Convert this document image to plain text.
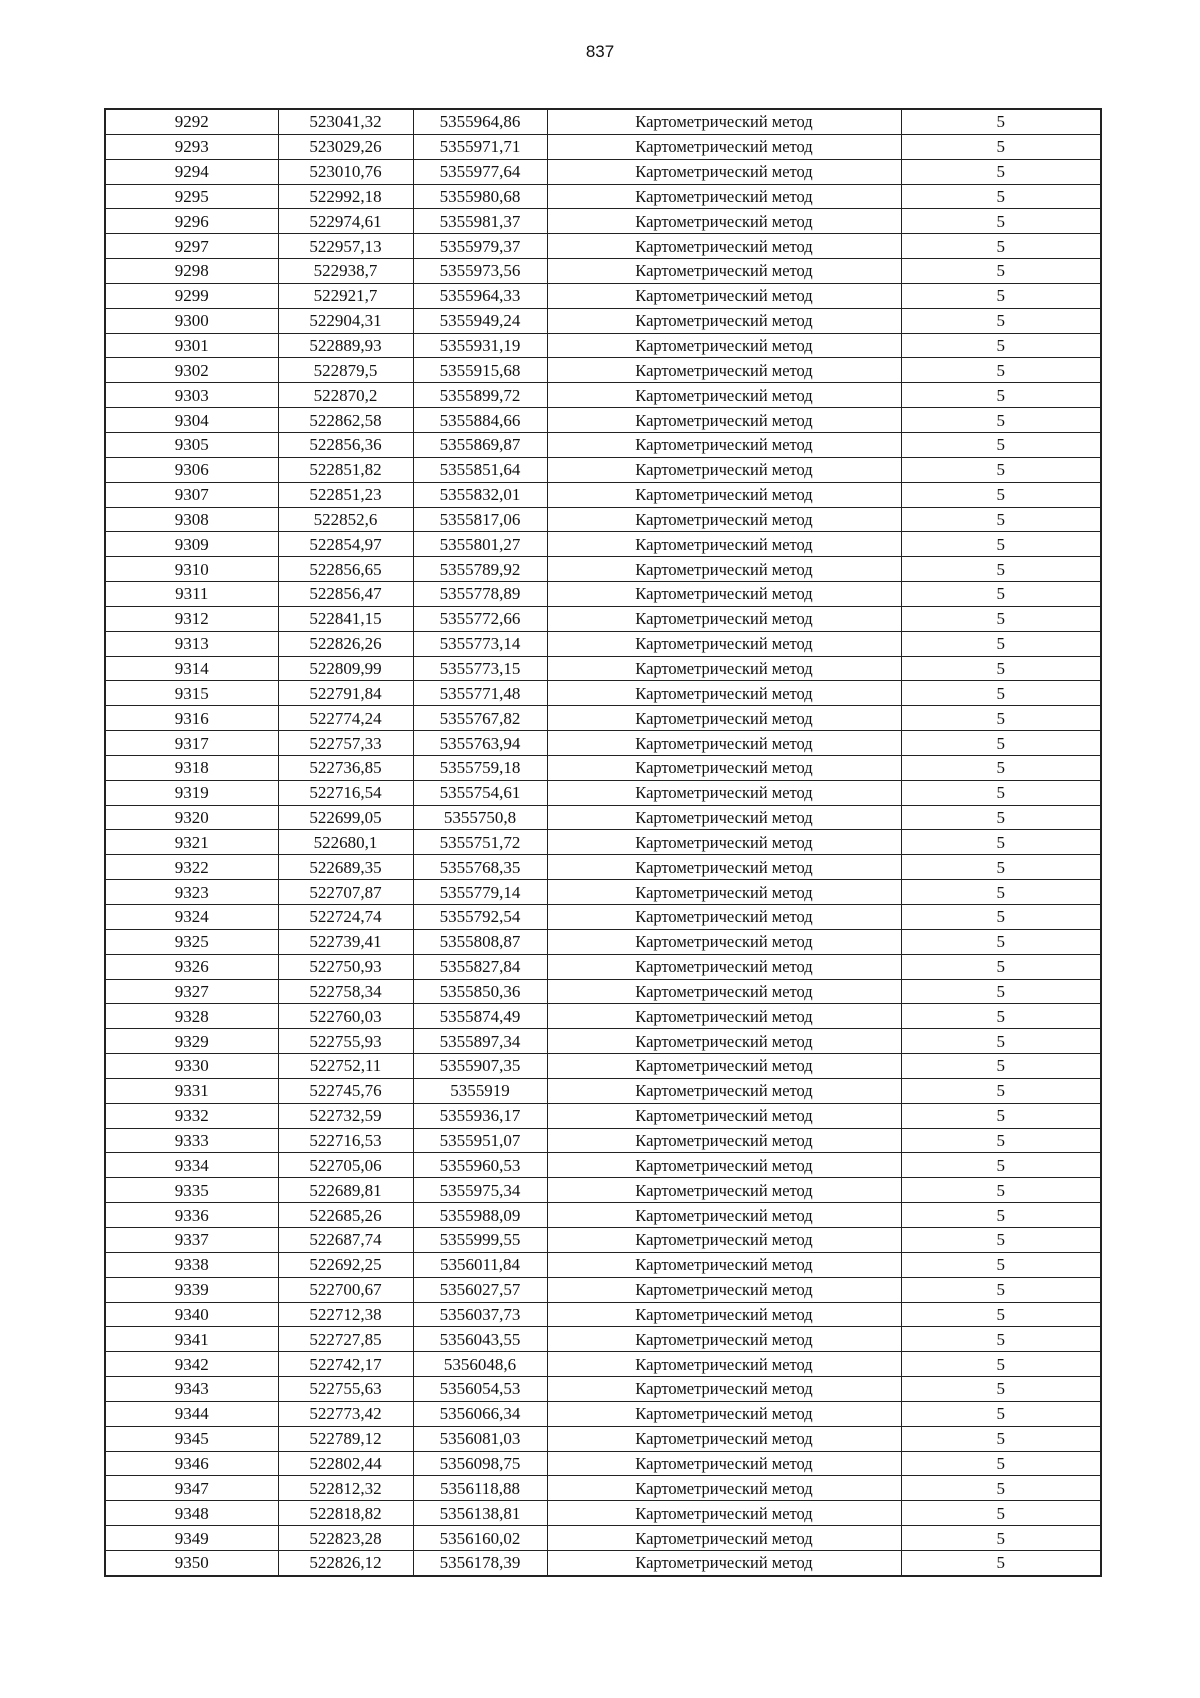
837
9292	523041,32	5355964,86	Картометрический метод	5
9293	523029,26	5355971,71	Картометрический метод	5
9294	523010,76	5355977,64	Картометрический метод	5
9295	522992,18	5355980,68	Картометрический метод	5
9296	522974,61	5355981,37	Картометрический метод	5
9297	522957,13	5355979,37	Картометрический метод	5
9298	522938,7	5355973,56	Картометрический метод	5
9299	522921,7	5355964,33	Картометрический метод	5
9300	522904,31	5355949,24	Картометрический метод	5
9301	522889,93	5355931,19	Картометрический метод	5
9302	522879,5	5355915,68	Картометрический метод	5
9303	522870,2	5355899,72	Картометрический метод	5
9304	522862,58	5355884,66	Картометрический метод	5
9305	522856,36	5355869,87	Картометрический метод	5
9306	522851,82	5355851,64	Картометрический метод	5
9307	522851,23	5355832,01	Картометрический метод	5
9308	522852,6	5355817,06	Картометрический метод	5
9309	522854,97	5355801,27	Картометрический метод	5
9310	522856,65	5355789,92	Картометрический метод	5
9311	522856,47	5355778,89	Картометрический метод	5
9312	522841,15	5355772,66	Картометрический метод	5
9313	522826,26	5355773,14	Картометрический метод	5
9314	522809,99	5355773,15	Картометрический метод	5
9315	522791,84	5355771,48	Картометрический метод	5
9316	522774,24	5355767,82	Картометрический метод	5
9317	522757,33	5355763,94	Картометрический метод	5
9318	522736,85	5355759,18	Картометрический метод	5
9319	522716,54	5355754,61	Картометрический метод	5
9320	522699,05	5355750,8	Картометрический метод	5
9321	522680,1	5355751,72	Картометрический метод	5
9322	522689,35	5355768,35	Картометрический метод	5
9323	522707,87	5355779,14	Картометрический метод	5
9324	522724,74	5355792,54	Картометрический метод	5
9325	522739,41	5355808,87	Картометрический метод	5
9326	522750,93	5355827,84	Картометрический метод	5
9327	522758,34	5355850,36	Картометрический метод	5
9328	522760,03	5355874,49	Картометрический метод	5
9329	522755,93	5355897,34	Картометрический метод	5
9330	522752,11	5355907,35	Картометрический метод	5
9331	522745,76	5355919	Картометрический метод	5
9332	522732,59	5355936,17	Картометрический метод	5
9333	522716,53	5355951,07	Картометрический метод	5
9334	522705,06	5355960,53	Картометрический метод	5
9335	522689,81	5355975,34	Картометрический метод	5
9336	522685,26	5355988,09	Картометрический метод	5
9337	522687,74	5355999,55	Картометрический метод	5
9338	522692,25	5356011,84	Картометрический метод	5
9339	522700,67	5356027,57	Картометрический метод	5
9340	522712,38	5356037,73	Картометрический метод	5
9341	522727,85	5356043,55	Картометрический метод	5
9342	522742,17	5356048,6	Картометрический метод	5
9343	522755,63	5356054,53	Картометрический метод	5
9344	522773,42	5356066,34	Картометрический метод	5
9345	522789,12	5356081,03	Картометрический метод	5
9346	522802,44	5356098,75	Картометрический метод	5
9347	522812,32	5356118,88	Картометрический метод	5
9348	522818,82	5356138,81	Картометрический метод	5
9349	522823,28	5356160,02	Картометрический метод	5
9350	522826,12	5356178,39	Картометрический метод	5
